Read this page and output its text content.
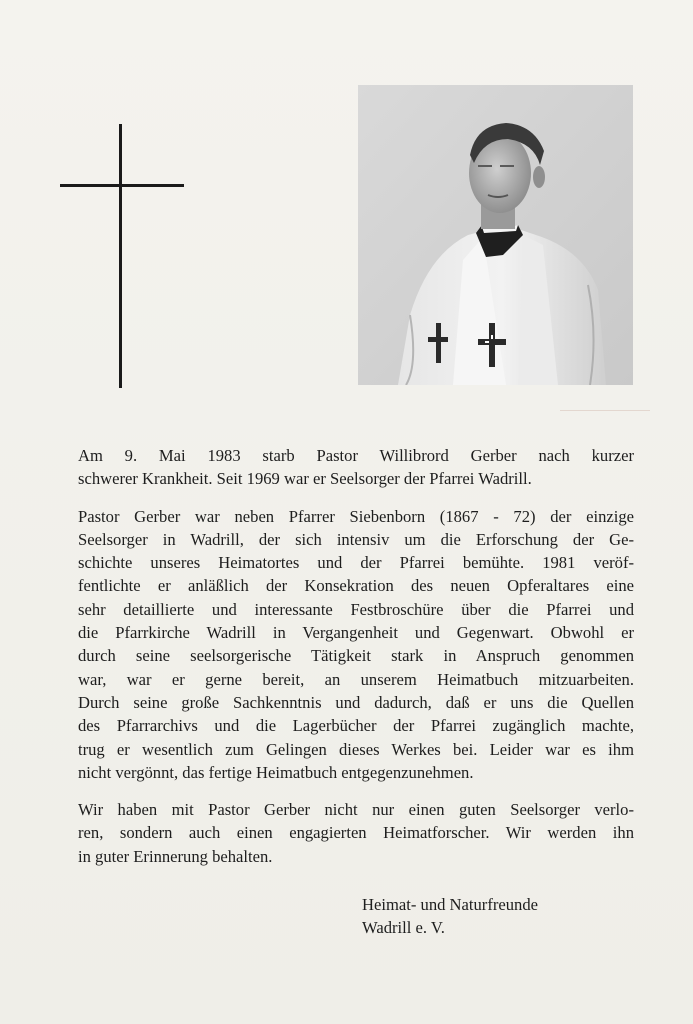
Am 9. Mai 1983 starb Pastor Willibrord Gerber nach kurzer
schwerer Krankheit. Seit 1969 war er Seelsorger der Pfarrei Wadrill.

Pastor Gerber war neben Pfarrer Siebenborn (1867 - 72) der einzige
Seelsorger in Wadrill, der sich intensiv um die Erforschung der Ge-
schichte unseres Heimatortes und der Pfarrei bemühte. 1981 veröf-
fentlichte er anläßlich der Konsekration des neuen Opferaltares eine
sehr detaillierte und interessante Festbroschüre über die Pfarrei und
die Pfarrkirche Wadrill in Vergangenheit und Gegenwart. Obwohl er
durch seine seelsorgerische Tätigkeit stark in Anspruch genommen
war, war er gerne bereit, an unserem Heimatbuch mitzuarbeiten.
Durch seine große Sachkenntnis und dadurch, daß er uns die Quellen
des Pfarrarchivs und die Lagerbücher der Pfarrei zugänglich machte,
trug er wesentlich zum Gelingen dieses Werkes bei. Leider war es ihm
nicht vergönnt, das fertige Heimatbuch entgegenzunehmen.

Wir haben mit Pastor Gerber nicht nur einen guten Seelsorger verlo-
ren, sondern auch einen engagierten Heimatforscher. Wir werden ihn
in guter Erinnerung behalten.

Heimat- und Naturfreunde
Wadrill e. V.
